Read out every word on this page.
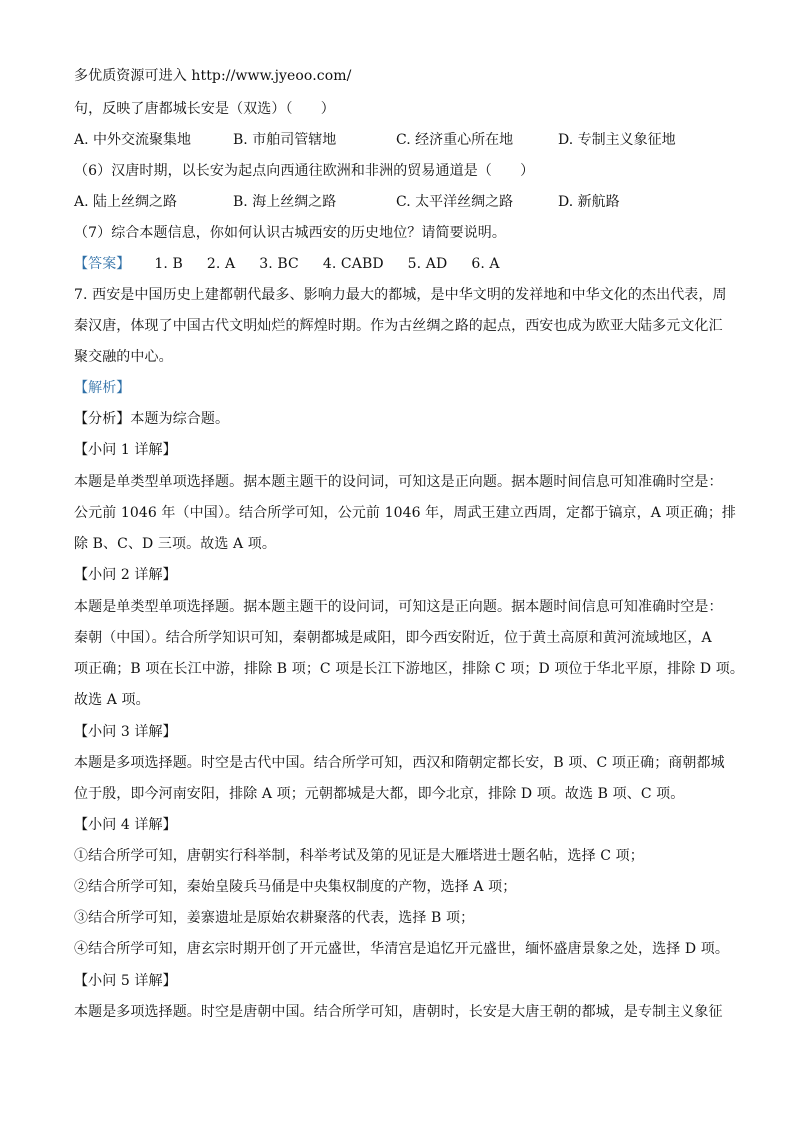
多优质资源可进入 http://www.jyeoo.com/
句，反映了唐都城长安是（双选）（　　）
A. 中外交流聚集地	B. 市舶司管辖地	C. 经济重心所在地	D. 专制主义象征地
（6）汉唐时期，以长安为起点向西通往欧洲和非洲的贸易通道是（　　）
A. 陆上丝绸之路	B. 海上丝绸之路	C. 太平洋丝绸之路	D. 新航路
（7）综合本题信息，你如何认识古城西安的历史地位？请简要说明。
【答案】 1. B 2. A 3. BC 4. CABD 5. AD 6. A
7. 西安是中国历史上建都朝代最多、影响力最大的都城，是中华文明的发祥地和中华文化的杰出代表，周
秦汉唐，体现了中国古代文明灿烂的辉煌时期。作为古丝绸之路的起点，西安也成为欧亚大陆多元文化汇
聚交融的中心。
【解析】
【分析】本题为综合题。
【小问 1 详解】
本题是单类型单项选择题。据本题主题干的设问词，可知这是正向题。据本题时间信息可知准确时空是：
公元前 1046 年（中国）。结合所学可知，公元前 1046 年，周武王建立西周，定都于镐京，A 项正确；排
除 B、C、D 三项。故选 A 项。
【小问 2 详解】
本题是单类型单项选择题。据本题主题干的设问词，可知这是正向题。据本题时间信息可知准确时空是：
秦朝（中国）。结合所学知识可知，秦朝都城是咸阳，即今西安附近，位于黄土高原和黄河流域地区，A
项正确；B 项在长江中游，排除 B 项；C 项是长江下游地区，排除 C 项；D 项位于华北平原，排除 D 项。
故选 A 项。
【小问 3 详解】
本题是多项选择题。时空是古代中国。结合所学可知，西汉和隋朝定都长安，B 项、C 项正确；商朝都城
位于殷，即今河南安阳，排除 A 项；元朝都城是大都，即今北京，排除 D 项。故选 B 项、C 项。
【小问 4 详解】
①结合所学可知，唐朝实行科举制，科举考试及第的见证是大雁塔进士题名帖，选择 C 项；
②结合所学可知，秦始皇陵兵马俑是中央集权制度的产物，选择 A 项；
③结合所学可知，姜寨遗址是原始农耕聚落的代表，选择 B 项；
④结合所学可知，唐玄宗时期开创了开元盛世，华清宫是追忆开元盛世，缅怀盛唐景象之处，选择 D 项。
【小问 5 详解】
本题是多项选择题。时空是唐朝中国。结合所学可知，唐朝时，长安是大唐王朝的都城，是专制主义象征
